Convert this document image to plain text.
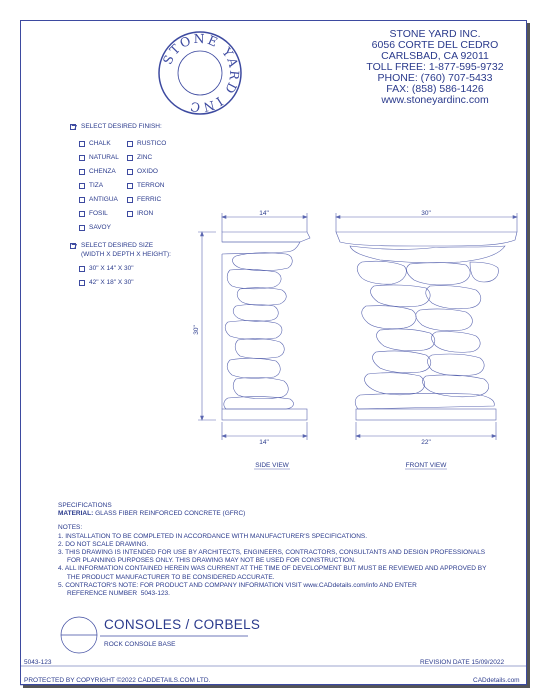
STONE YARD INC
STONE YARD INC.
6056 CORTE DEL CEDRO
CARLSBAD, CA 92011
TOLL FREE: 1-877-595-9732
PHONE: (760) 707-5433
FAX: (858) 586-1426
www.stoneyardinc.com
SELECT DESIRED FINISH:
CHALK
NATURAL
CHENZA
TIZA
ANTIGUA
FOSIL
SAVOY
RUSTICO
ZINC
OXIDO
TERRON
FERRIC
IRON
SELECT DESIRED SIZE
(WIDTH X DEPTH X HEIGHT):
30" X 14" X 30"
42" X 18" X 30"
14"
14"
30"
30"
22"
SIDE VIEW	FRONT VIEW
SPECIFICATIONS
MATERIAL: GLASS FIBER REINFORCED CONCRETE (GFRC)
NOTES:
1. INSTALLATION TO BE COMPLETED IN ACCORDANCE WITH MANUFACTURER'S SPECIFICATIONS.
2. DO NOT SCALE DRAWING.
3. THIS DRAWING IS INTENDED FOR USE BY ARCHITECTS, ENGINEERS, CONTRACTORS, CONSULTANTS AND DESIGN PROFESSIONALS
FOR PLANNING PURPOSES ONLY. THIS DRAWING MAY NOT BE USED FOR CONSTRUCTION.
4. ALL INFORMATION CONTAINED HEREIN WAS CURRENT AT THE TIME OF DEVELOPMENT BUT MUST BE REVIEWED AND APPROVED BY
THE PRODUCT MANUFACTURER TO BE CONSIDERED ACCURATE.
5. CONTRACTOR'S NOTE: FOR PRODUCT AND COMPANY INFORMATION VISIT www.CADdetails.com/info AND ENTER
REFERENCE NUMBER  5043-123.
CONSOLES / CORBELS
ROCK CONSOLE BASE
5043-123	REVISION DATE 15/09/2022
PROTECTED BY COPYRIGHT ©2022 CADDETAILS.COM LTD.	CADdetails.com
